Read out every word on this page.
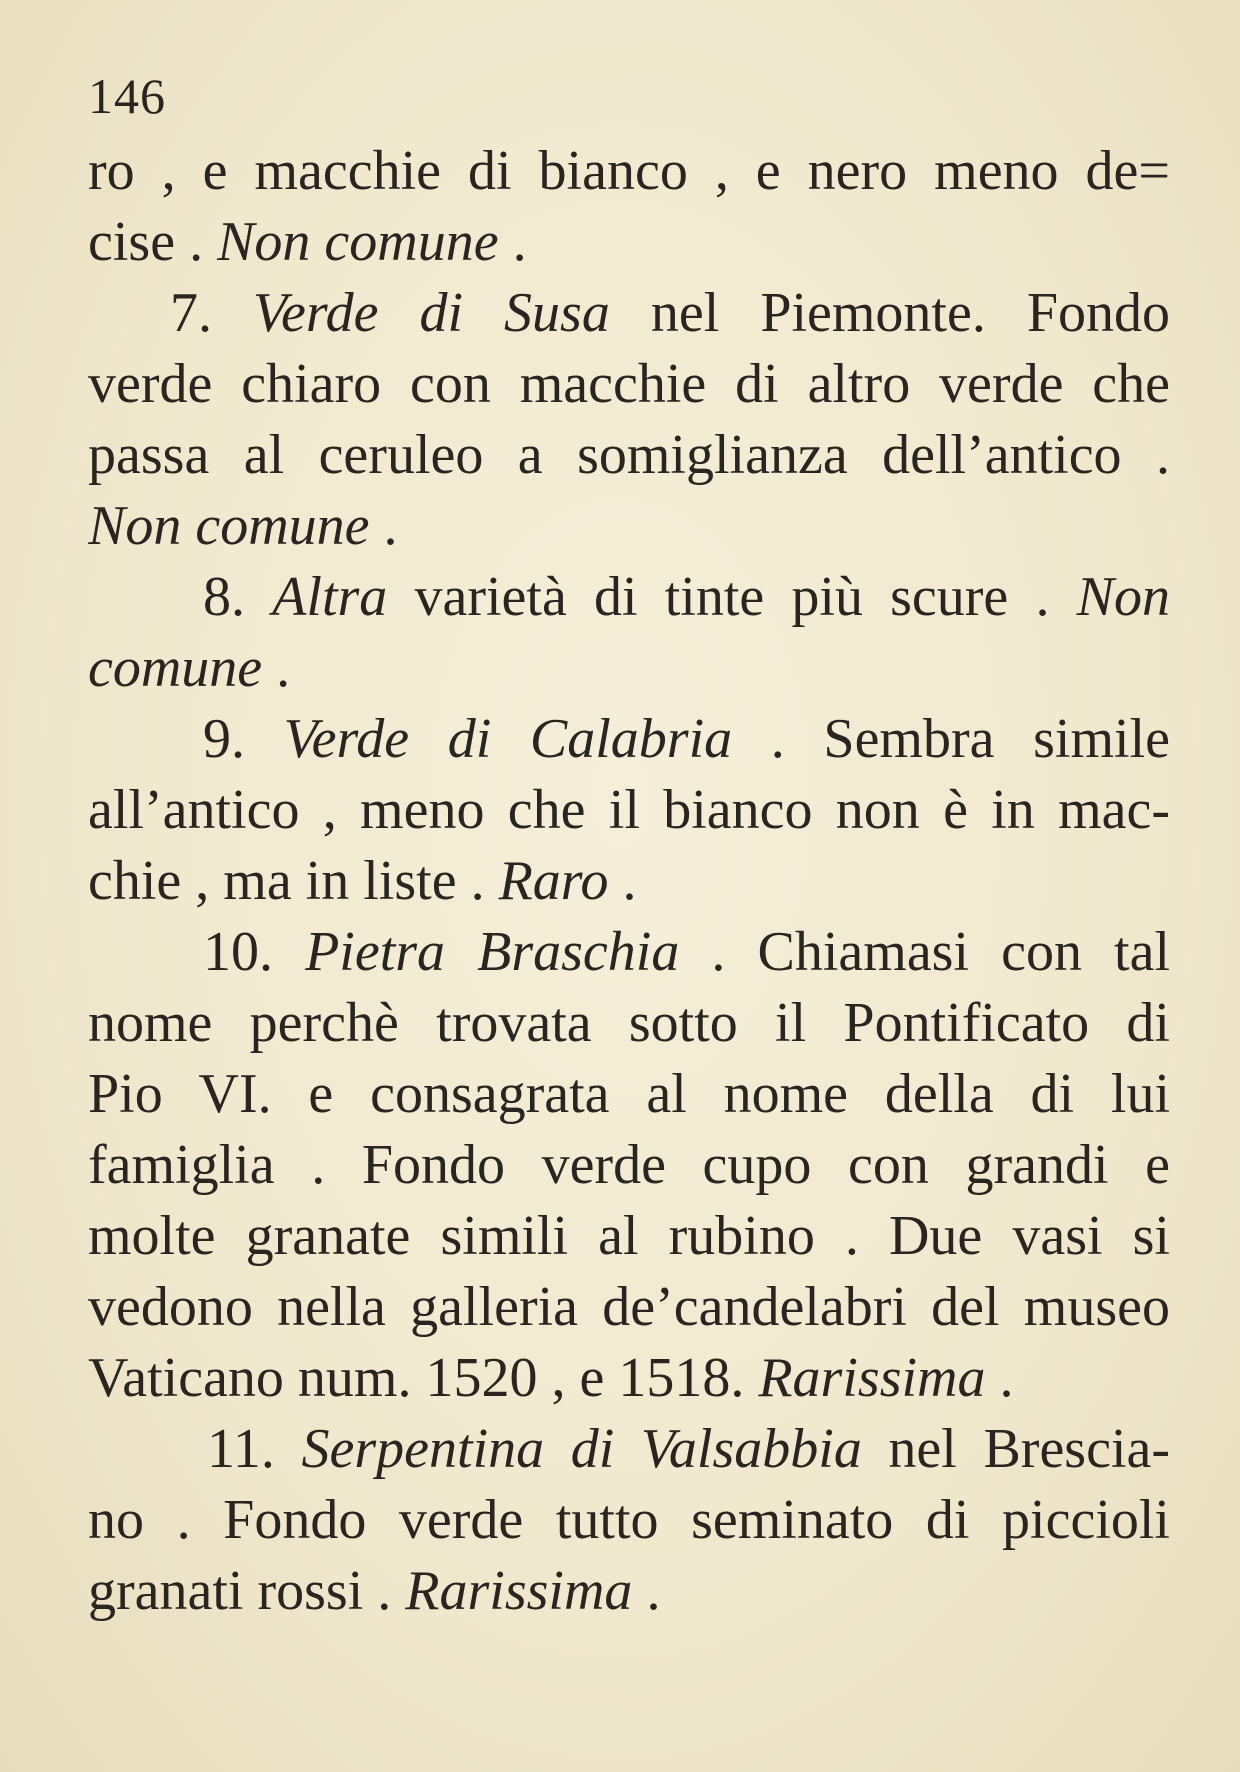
146
ro , e macchie di bianco , e nero meno de=
cise . Non comune .
7. Verde di Susa nel Piemonte. Fondo
verde chiaro con macchie di altro verde che
passa al ceruleo a somiglianza dell’antico .
Non comune .
8. Altra varietà di tinte più scure . Non
comune .
9. Verde di Calabria . Sembra simile
all’antico , meno che il bianco non è in mac-
chie , ma in liste . Raro .
10. Pietra Braschia . Chiamasi con tal
nome perchè trovata sotto il Pontificato di
Pio VI. e consagrata al nome della di lui
famiglia . Fondo verde cupo con grandi e
molte granate simili al rubino . Due vasi si
vedono nella galleria de’candelabri del museo
Vaticano num. 1520 , e 1518. Rarissima .
11. Serpentina di Valsabbia nel Brescia-
no . Fondo verde tutto seminato di piccioli
granati rossi . Rarissima .
